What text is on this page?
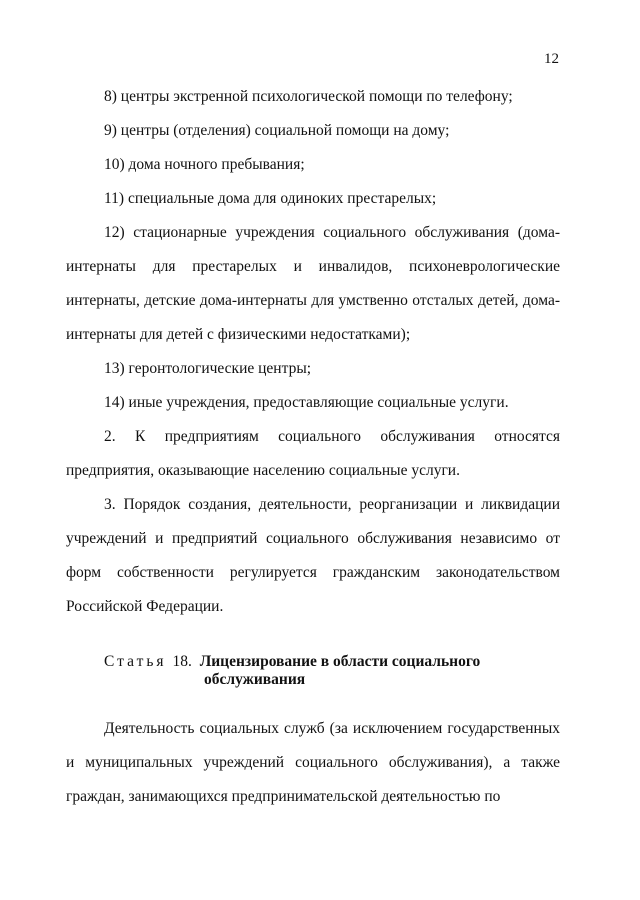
12

8) центры экстренной психологической помощи по телефону;

9) центры (отделения) социальной помощи на дому;

10) дома ночного пребывания;

11) специальные дома для одиноких престарелых;

12) стационарные учреждения социального обслуживания (дома-интернаты для престарелых и инвалидов, психоневрологические интернаты, детские дома-интернаты для умственно отсталых детей, дома-интернаты для детей с физическими недостатками);

13) геронтологические центры;

14) иные учреждения, предоставляющие социальные услуги.

2. К предприятиям социального обслуживания относятся предприятия, оказывающие населению социальные услуги.

3. Порядок создания, деятельности, реорганизации и ликвидации учреждений и предприятий социального обслуживания независимо от форм собственности регулируется гражданским законодательством Российской Федерации.

Статья 18. Лицензирование в области социального
обслуживания

Деятельность социальных служб (за исключением государственных и муниципальных учреждений социального обслуживания), а также граждан, занимающихся предпринимательской деятельностью по
